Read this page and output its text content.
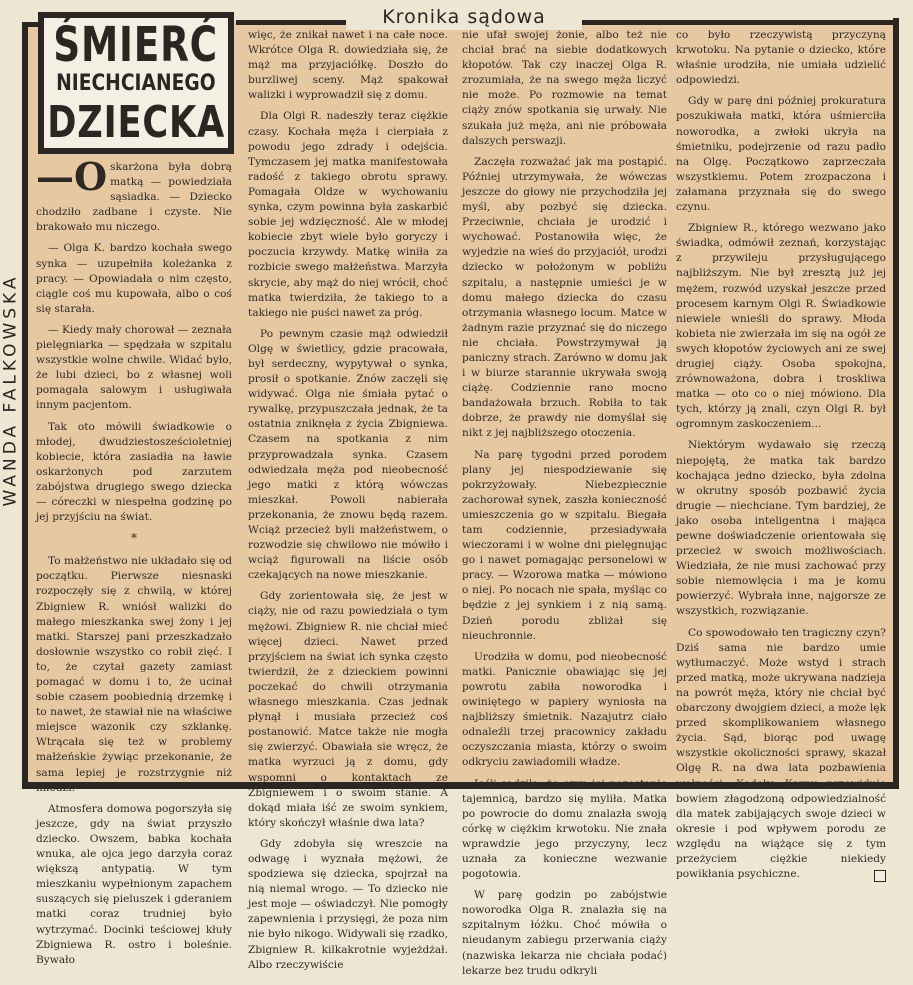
Kronika sądowa
ŚMIERĆ
NIECHCIANEGO
DZIECKA
WANDA FALKOWSKA

—O skarżona była dobrą matką — powiedziała sąsiadka. — Dziecko chodziło zadbane i czyste. Nie brakowało mu niczego.

— Olga K. bardzo kochała swego synka — uzupełniła koleżanka z pracy. — Opowiadała o nim często, ciągle coś mu kupowała, albo o coś się starała.

— Kiedy mały chorował — zeznała pielęgniarka — spędzała w szpitalu wszystkie wolne chwile. Widać było, że lubi dzieci, bo z własnej woli pomagała salowym i usługiwała innym pacjentom.

Tak oto mówili świadkowie o młodej, dwudziestosześcioletniej kobiecie, która zasiadła na ławie oskarżonych pod zarzutem zabójstwa drugiego swego dziecka — córeczki w niespełna godzinę po jej przyjściu na świat.

*

To małżeństwo nie układało się od początku. Pierwsze niesnaski rozpoczęły się z chwilą, w której Zbigniew R. wniósł walizki do małego mieszkanka swej żony i jej matki. Starszej pani przeszkadzało dosłownie wszystko co robił zięć. I to, że czytał gazety zamiast pomagać w domu i to, że ucinał sobie czasem poobiednią drzemkę i to nawet, że stawiał nie na właściwe miejsce wazonik czy szklankę. Wtrącała się też w problemy małżeńskie żywiąc przekonanie, że sama lepiej je rozstrzygnie niż młodzi.

Atmosfera domowa pogorszyła się jeszcze, gdy na świat przyszło dziecko. Owszem, babka kochała wnuka, ale ojca jego darzyła coraz większą antypatią. W tym mieszkaniu wypełnionym zapachem suszących się pieluszek i gderaniem matki coraz trudniej było wytrzymać. Docinki teściowej kłuły Zbigniewa R. ostro i boleśnie. Bywało

więc, że znikał nawet i na całe noce. Wkrótce Olga R. dowiedziała się, że mąż ma przyjaciółkę. Doszło do burzliwej sceny. Mąż spakował walizki i wyprowadził się z domu.

Dla Olgi R. nadeszły teraz ciężkie czasy. Kochała męża i cierpiała z powodu jego zdrady i odejścia. Tymczasem jej matka manifestowała radość z takiego obrotu sprawy. Pomagała Oldze w wychowaniu synka, czym powinna była zaskarbić sobie jej wdzięczność. Ale w młodej kobiecie zbyt wiele było goryczy i poczucia krzywdy. Matkę winiła za rozbicie swego małżeństwa. Marzyła skrycie, aby mąż do niej wrócił, choć matka twierdziła, że takiego to a takiego nie puści nawet za próg.

Po pewnym czasie mąż odwiedził Olgę w świetlicy, gdzie pracowała, był serdeczny, wypytywał o synka, prosił o spotkanie. Znów zaczęli się widywać. Olga nie śmiała pytać o rywalkę, przypuszczała jednak, że ta ostatnia zniknęła z życia Zbigniewa. Czasem na spotkania z nim przyprowadzała synka. Czasem odwiedzała męża pod nieobecność jego matki z którą wówczas mieszkał. Powoli nabierała przekonania, że znowu będą razem. Wciąż przecież byli małżeństwem, o rozwodzie się chwilowo nie mówiło i wciąż figurowali na liście osób czekających na nowe mieszkanie.

Gdy zorientowała się, że jest w ciąży, nie od razu powiedziała o tym mężowi. Zbigniew R. nie chciał mieć więcej dzieci. Nawet przed przyjściem na świat ich synka często twierdził, że z dzieckiem powinni poczekać do chwili otrzymania własnego mieszkania. Czas jednak płynął i musiała przecież coś postanowić. Matce także nie mogła się zwierzyć. Obawiała sie wręcz, że matka wyrzuci ją z domu, gdy wspomni o kontaktach ze Zbigniewem i o swoim stanie. A dokąd miała iść ze swoim synkiem, który skończył właśnie dwa lata?

Gdy zdobyła się wreszcie na odwagę i wyznała mężowi, że spodziewa się dziecka, spojrzał na nią niemal wrogo. — To dziecko nie jest moje — oświadczył. Nie pomogły zapewnienia i przysięgi, że poza nim nie było nikogo. Widywali się rzadko, Zbigniew R. kilkakrotnie wyjeżdżał. Albo rzeczywiście

nie ufał swojej żonie, albo też nie chciał brać na siebie dodatkowych kłopotów. Tak czy inaczej Olga R. zrozumiała, że na swego męża liczyć nie może. Po rozmowie na temat ciąży znów spotkania się urwały. Nie szukała już męża, ani nie próbowała dalszych perswazji.

Zaczęła rozważać jak ma postąpić. Później utrzymywała, że wówczas jeszcze do głowy nie przychodziła jej myśl, aby pozbyć się dziecka. Przeciwnie, chciała je urodzić i wychować. Postanowiła więc, że wyjedzie na wieś do przyjaciół, urodzi dziecko w położonym w pobliżu szpitalu, a następnie umieści je w domu małego dziecka do czasu otrzymania własnego locum. Matce w żadnym razie przyznać się do niczego nie chciała. Powstrzymywał ją paniczny strach. Zarówno w domu jak i w biurze starannie ukrywała swoją ciążę. Codziennie rano mocno bandażowała brzuch. Robiła to tak dobrze, że prawdy nie domyślał się nikt z jej najbliższego otoczenia.

Na parę tygodni przed porodem plany jej niespodziewanie się pokrzyżowały. Niebezpiecznie zachorował synek, zaszła konieczność umieszczenia go w szpitalu. Biegała tam codziennie, przesiadywała wieczorami i w wolne dni pielęgnując go i nawet pomagając personelowi w pracy. — Wzorowa matka — mówiono o niej. Po nocach nie spała, myśląc co będzie z jej synkiem i z nią samą. Dzień porodu zbliżał się nieuchronnie.

Urodziła w domu, pod nieobecność matki. Panicznie obawiając się jej powrotu zabiła noworodka i owiniętego w papiery wyniosła na najbliższy śmietnik. Nazajutrz ciało odnaleźli trzej pracownicy zakładu oczyszczania miasta, którzy o swoim odkryciu zawiadomili władze.

Jeśli sądziła, że czyn jej pozostanie tajemnicą, bardzo się myliła. Matka po powrocie do domu znalazła swoją córkę w ciężkim krwotoku. Nie znała wprawdzie jego przyczyny, lecz uznała za konieczne wezwanie pogotowia.

W parę godzin po zabójstwie noworodka Olga R. znalazła się na szpitalnym łóżku. Choć mówiła o nieudanym zabiegu przerwania ciąży (nazwiska lekarza nie chciała podać) lekarze bez trudu odkryli

co było rzeczywistą przyczyną krwotoku. Na pytanie o dziecko, które właśnie urodziła, nie umiała udzielić odpowiedzi.

Gdy w parę dni później prokuratura poszukiwała matki, która uśmierciła noworodka, a zwłoki ukryła na śmietniku, podejrzenie od razu padło na Olgę. Początkowo zaprzeczała wszystkiemu. Potem zrozpaczona i załamana przyznała się do swego czynu.

Zbigniew R., którego wezwano jako świadka, odmówił zeznań, korzystając z przywileju przysługującego najbliższym. Nie był zresztą już jej mężem, rozwód uzyskał jeszcze przed procesem karnym Olgi R. Świadkowie niewiele wnieśli do sprawy. Młoda kobieta nie zwierzała im się na ogół ze swych kłopotów życiowych ani ze swej drugiej ciąży. Osoba spokojna, zrównoważona, dobra i troskliwa matka — oto co o niej mówiono. Dla tych, którzy ją znali, czyn Olgi R. był ogromnym zaskoczeniem...

Niektórym wydawało się rzeczą niepojętą, że matka tak bardzo kochająca jedno dziecko, była zdolna w okrutny sposób pozbawić życia drugie — niechciane. Tym bardziej, że jako osoba inteligentna i mająca pewne doświadczenie orientowała się przecież w swoich możliwościach. Wiedziała, że nie musi zachować przy sobie niemowlęcia i ma je komu powierzyć. Wybrała inne, najgorsze ze wszystkich, rozwiązanie.

Co spowodowało ten tragiczny czyn? Dziś sama nie bardzo umie wytłumaczyć. Może wstyd i strach przed matką, może ukrywana nadzieja na powrót męża, który nie chciał być obarczony dwojgiem dzieci, a może lęk przed skomplikowaniem własnego życia. Sąd, biorąc pod uwagę wszystkie okoliczności sprawy, skazał Olgę R. na dwa lata pozbawienia wolności. Kodeks Karny przewiduje bowiem złagodzoną odpowiedzialność dla matek zabijających swoje dzieci w okresie i pod wpływem porodu ze względu na wiążące się z tym przeżyciem ciężkie niekiedy powikłania psychiczne.
